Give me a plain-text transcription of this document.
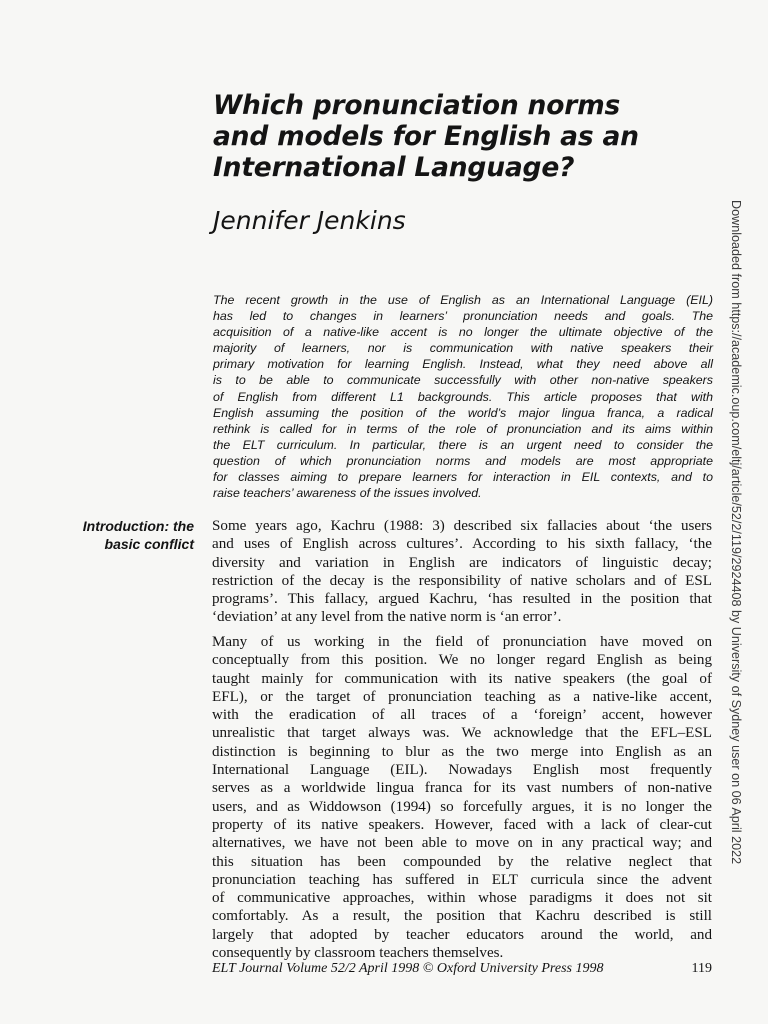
Which pronunciation norms
and models for English as an
International Language?
Jennifer Jenkins

The recent growth in the use of English as an International Language (EIL)
has led to changes in learners’ pronunciation needs and goals. The
acquisition of a native-like accent is no longer the ultimate objective of the
majority of learners, nor is communication with native speakers their
primary motivation for learning English. Instead, what they need above all
is to be able to communicate successfully with other non-native speakers
of English from different L1 backgrounds. This article proposes that with
English assuming the position of the world’s major lingua franca, a radical
rethink is called for in terms of the role of pronunciation and its aims within
the ELT curriculum. In particular, there is an urgent need to consider the
question of which pronunciation norms and models are most appropriate
for classes aiming to prepare learners for interaction in EIL contexts, and to
raise teachers’ awareness of the issues involved.

Introduction: the
basic conflict

Some years ago, Kachru (1988: 3) described six fallacies about ‘the users
and uses of English across cultures’. According to his sixth fallacy, ‘the
diversity and variation in English are indicators of linguistic decay;
restriction of the decay is the responsibility of native scholars and of ESL
programs’. This fallacy, argued Kachru, ‘has resulted in the position that
‘deviation’ at any level from the native norm is ‘an error’.

Many of us working in the field of pronunciation have moved on
conceptually from this position. We no longer regard English as being
taught mainly for communication with its native speakers (the goal of
EFL), or the target of pronunciation teaching as a native-like accent,
with the eradication of all traces of a ‘foreign’ accent, however
unrealistic that target always was. We acknowledge that the EFL–ESL
distinction is beginning to blur as the two merge into English as an
International Language (EIL). Nowadays English most frequently
serves as a worldwide lingua franca for its vast numbers of non-native
users, and as Widdowson (1994) so forcefully argues, it is no longer the
property of its native speakers. However, faced with a lack of clear-cut
alternatives, we have not been able to move on in any practical way; and
this situation has been compounded by the relative neglect that
pronunciation teaching has suffered in ELT curricula since the advent
of communicative approaches, within whose paradigms it does not sit
comfortably. As a result, the position that Kachru described is still
largely that adopted by teacher educators around the world, and
consequently by classroom teachers themselves.

ELT Journal Volume 52/2 April 1998 © Oxford University Press 1998	119
Downloaded from https://academic.oup.com/eltj/article/52/2/119/2924408 by University of Sydney user on 06 April 2022
